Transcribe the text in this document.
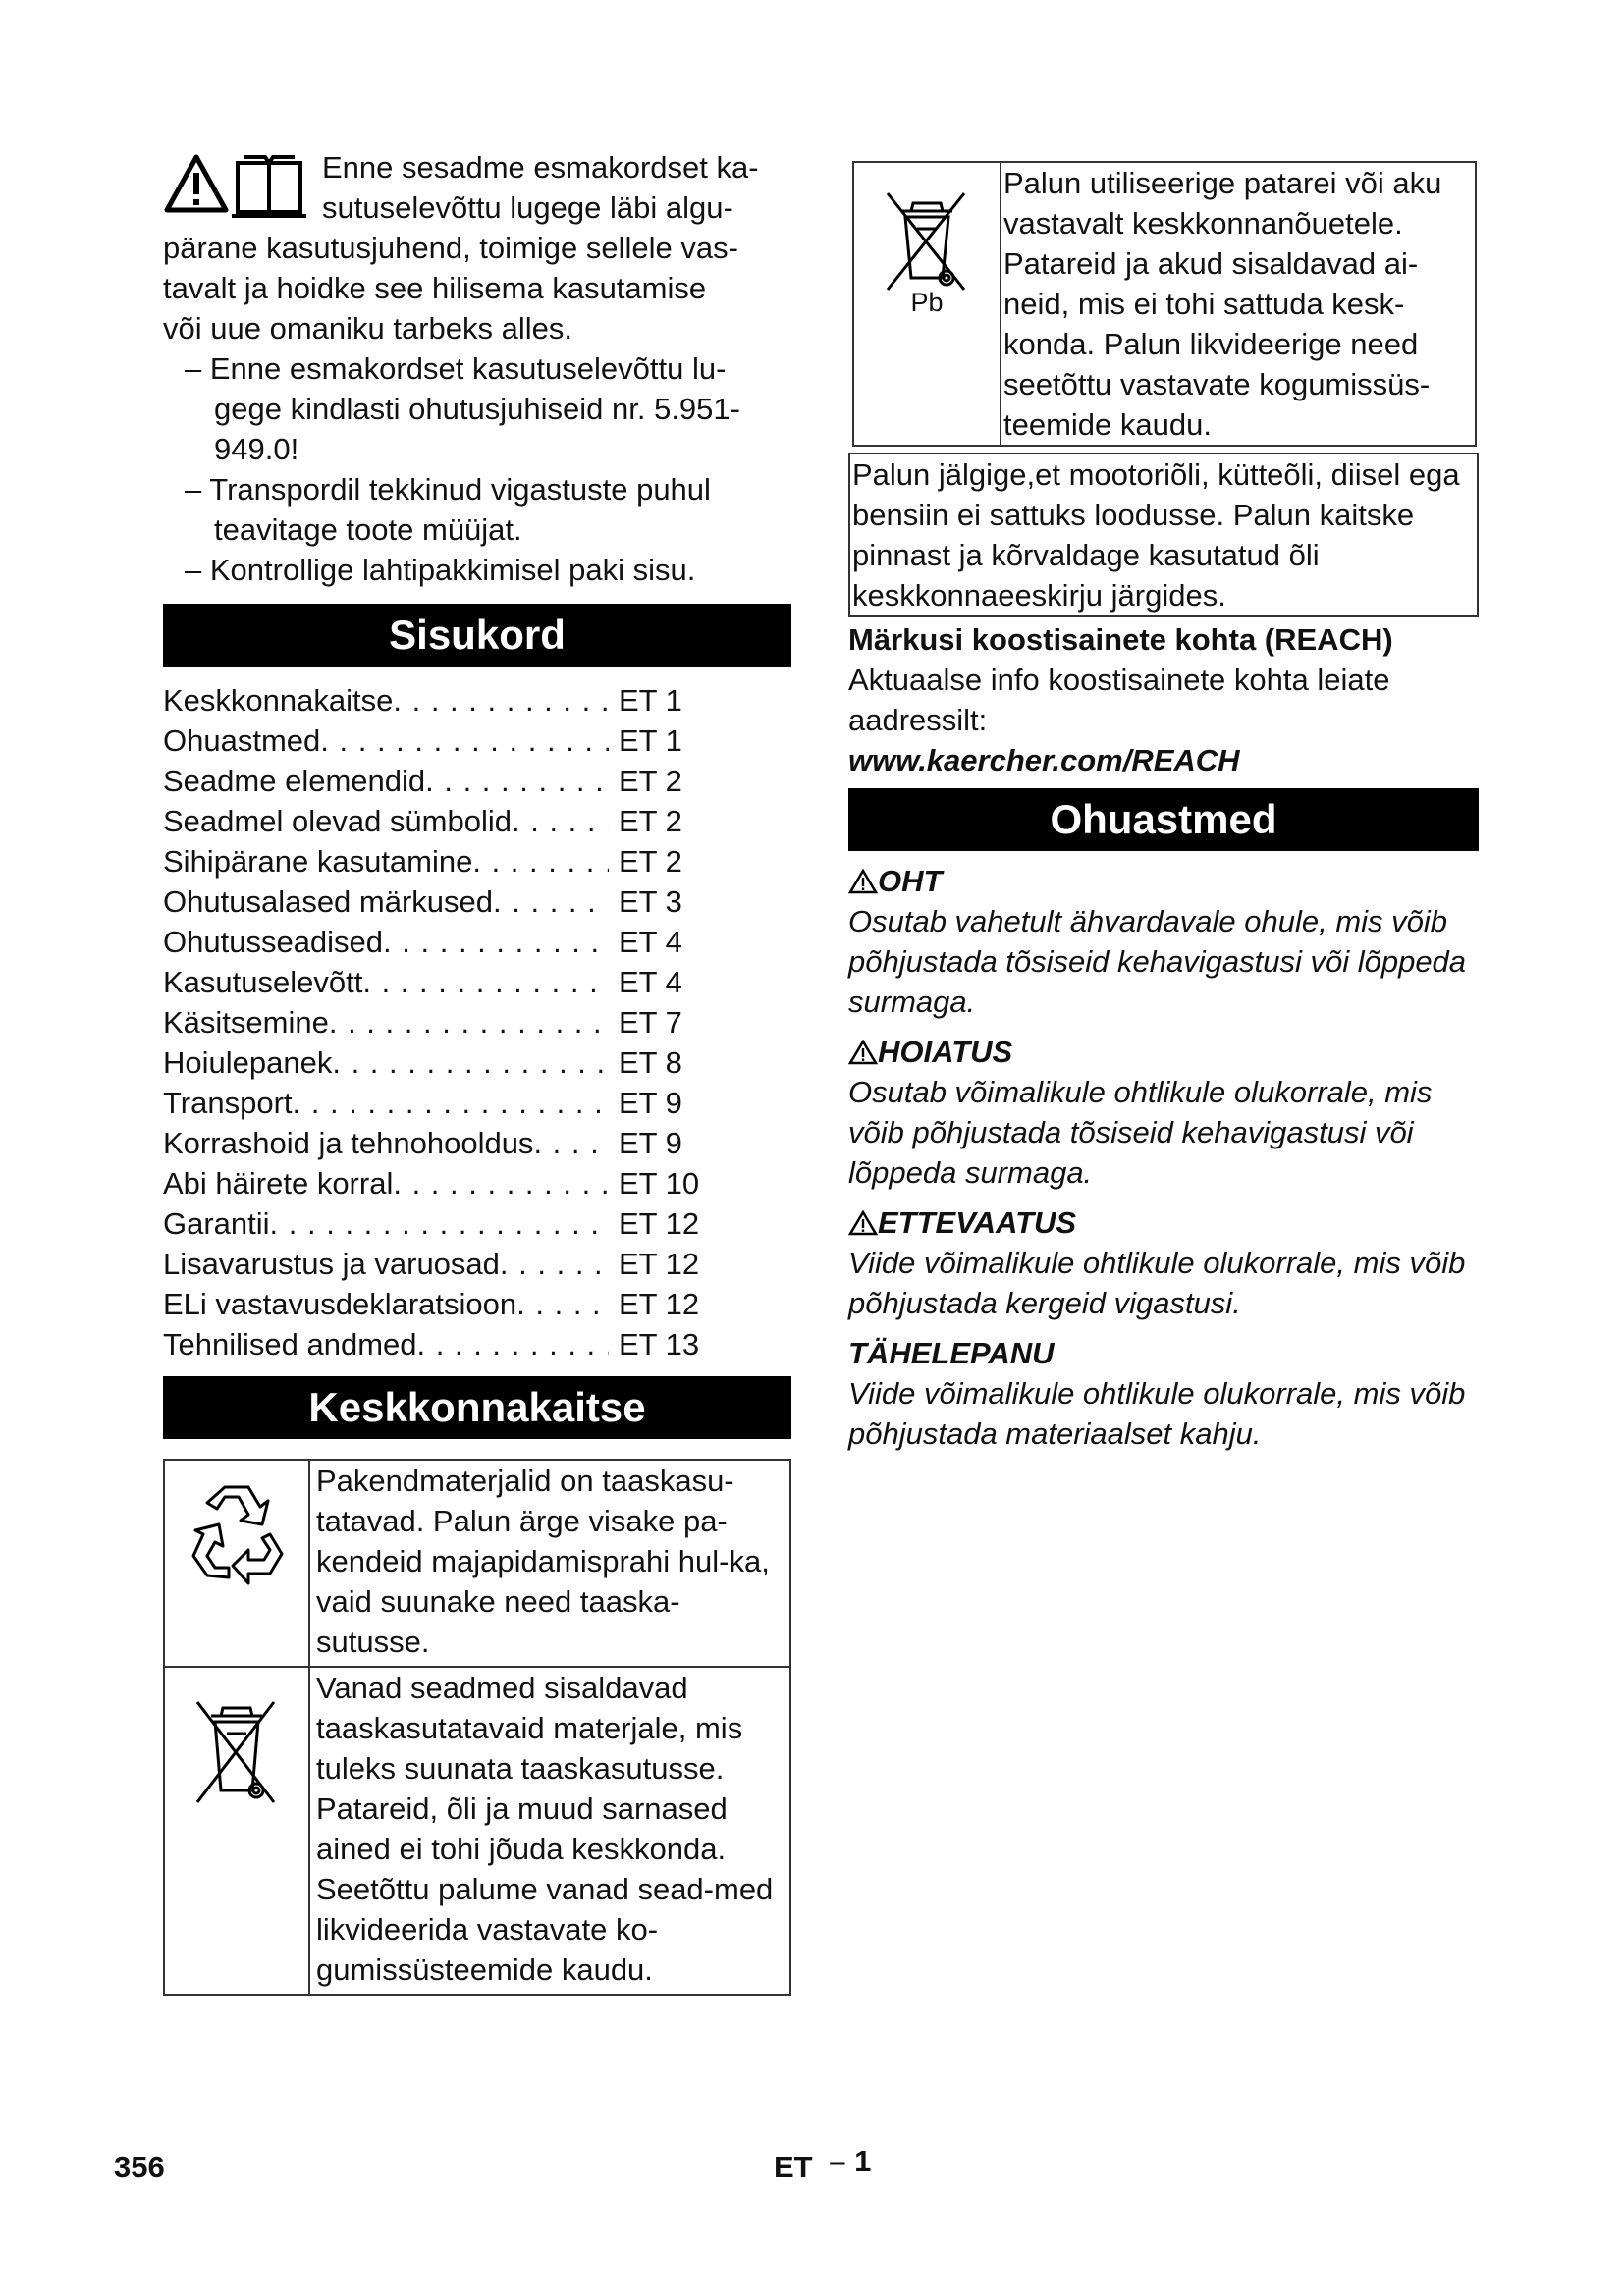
Enne sesadme esmakordset ka-

sutuselevõttu lugege läbi algu-

pärane kasutusjuhend, toimige sellele vas-

tavalt ja hoidke see hilisema kasutamise

või uue omaniku tarbeks alles.

– Enne esmakordset kasutuselevõttu lu-gege kindlasti ohutusjuhiseid nr. 5.951-949.0!
– Transpordil tekkinud vigastuste puhul teavitage toote müüjat.
– Kontrollige lahtipakkimisel paki sisu.
Sisukord
Keskkonnakaitse . . .	ET 1
Ohuastmed . . .	ET 1
Seadme elemendid . . .	ET 2
Seadmel olevad sümbolid . . .	ET 2
Sihipärane kasutamine . . .	ET 2
Ohutusalased märkused . . .	ET 3
Ohutusseadised . . .	ET 4
Kasutuselevõtt . . .	ET 4
Käsitsemine . . .	ET 7
Hoiulepanek . . .	ET 8
Transport . . .	ET 9
Korrashoid ja tehnohooldus . . .	ET 9
Abi häirete korral . . .	ET 10
Garantii . . .	ET 12
Lisavarustus ja varuosad . . .	ET 12
ELi vastavusdeklaratsioon . . .	ET 12
Tehnilised andmed . . .	ET 13
Keskkonnakaitse
	Pakendmaterjalid on taaskasu-tatavad. Palun ärge visake pa-kendeid majapidamisprahi hul-ka, vaid suunake need taaska-sutusse.

	Vanad seadmed sisaldavad taaskasutatavaid materjale, mis tuleks suunata taaskasutusse. Patareid, õli ja muud sarnased ained ei tohi jõuda keskkonda. Seetõttu palume vanad sead-med likvideerida vastavate ko-gumissüsteemide kaudu.
Pb
	Palun utiliseerige patarei või aku vastavalt keskkonnanõuetele. Patareid ja akud sisaldavad ai-neid, mis ei tohi sattuda kesk-konda. Palun likvideerige need seetõttu vastavate kogumissüs-teemide kaudu.
Palun jälgige,et mootoriõli, kütteõli, diisel ega bensiin ei sattuks loodusse. Palun kaitske pinnast ja kõrvaldage kasutatud õli keskkonnaeeskirju järgides.
Märkusi koostisainete kohta (REACH)
Aktuaalse info koostisainete kohta leiate aadressilt:
www.kaercher.com/REACH
Ohuastmed
OHT
Osutab vahetult ähvardavale ohule, mis võib põhjustada tõsiseid kehavigastusi või lõppeda surmaga.
HOIATUS
Osutab võimalikule ohtlikule olukorrale, mis võib põhjustada tõsiseid kehavigastusi või lõppeda surmaga.
ETTEVAATUS
Viide võimalikule ohtlikule olukorrale, mis võib põhjustada kergeid vigastusi.
TÄHELEPANU
Viide võimalikule ohtlikule olukorrale, mis võib põhjustada materiaalset kahju.
356	ET – 1
